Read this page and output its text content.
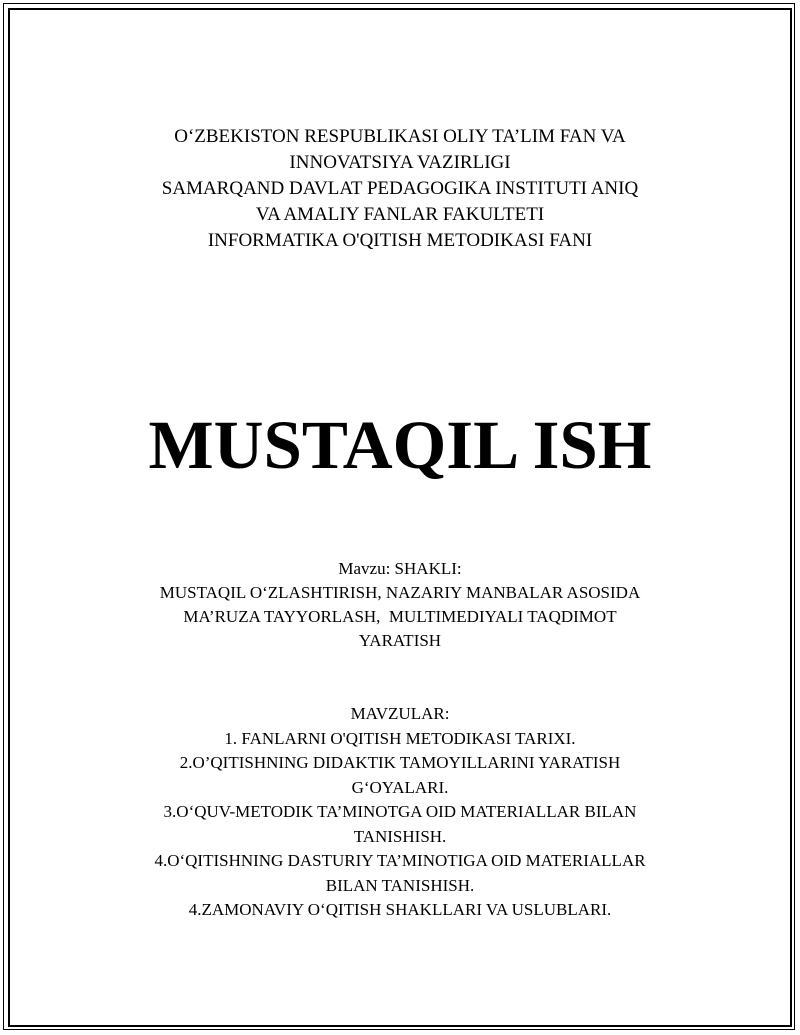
O‘ZBEKISTON RESPUBLIKASI OLIY TA’LIM FAN VA
INNOVATSIYA VAZIRLIGI
SAMARQAND DAVLAT PEDAGOGIKA INSTITUTI ANIQ
VA AMALIY FANLAR FAKULTETI
INFORMATIKA O'QITISH METODIKASI FANI
MUSTAQIL ISH
Mavzu: SHAKLI:
MUSTAQIL O‘ZLASHTIRISH, NAZARIY MANBALAR ASOSIDA
MA’RUZA TAYYORLASH,  MULTIMEDIYALI TAQDIMOT
YARATISH
MAVZULAR:
1. FANLARNI O'QITISH METODIKASI TARIXI.
2.O’QITISHNING DIDAKTIK TAMOYILLARINI YARATISH
G‘OYALARI.
3.O‘QUV-METODIK TA’MINOTGA OID MATERIALLAR BILAN
TANISHISH.
4.O‘QITISHNING DASTURIY TA’MINOTIGA OID MATERIALLAR
BILAN TANISHISH.
4.ZAMONAVIY O‘QITISH SHAKLLARI VA USLUBLARI.
